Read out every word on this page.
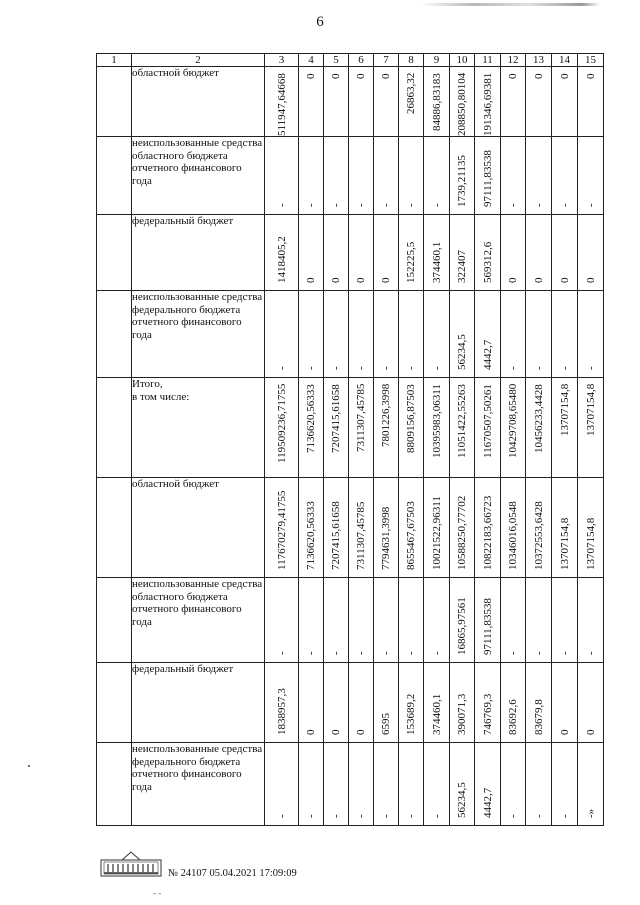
6
1	2	3	4	5	6	7	8	9	10	11	12	13	14	15
	областной бюджет	511947,64668	0	0	0	0	26863,32	84886,83183	208850,80104	191346,69381	0	0	0	0

	неиспользованные средства областного бюджета отчетного финансового года	-	-	-	-	-	-	-	1739,21135	97111,83538	-	-	-	-

	федеральный бюджет	1418405,2	0	0	0	0	152225,5	374460,1	322407	569312,6	0	0	0	0

	неиспользованные средства федерального бюджета отчетного финансового года	-	-	-	-	-	-	-	56234,5	4442,7	-	-	-	-

	Итого,
в том числе:	119509236,71755	7136620,56333	7207415,61658	7311307,45785	7801226,3998	8809156,87503	10395983,06311	11051422,55263	11670507,50261	10429708,65480	10456233,4428	13707154,8	13707154,8

	областной бюджет	117670279,41755	7136620,56333	7207415,61658	7311307,45785	7794631,3998	8655467,67503	10021522,96311	10588250,77702	10822183,66723	10346016,0548	10372553,6428	13707154,8	13707154,8

	неиспользованные средства областного бюджета отчетного финансового года	-	-	-	-	-	-	-	16865,97561	97111,83538	-	-	-	-

	федеральный бюджет	1838957,3	0	0	0	6595	153689,2	374460,1	390071,3	746769,3	83692,6	83679,8	0	0

	неиспользованные средства федерального бюджета отчетного финансового года	-	-	-	-	-	-	-	56234,5	4442,7	-	-	-	-»
№ 24107 05.04.2021 17:09:09
- -
